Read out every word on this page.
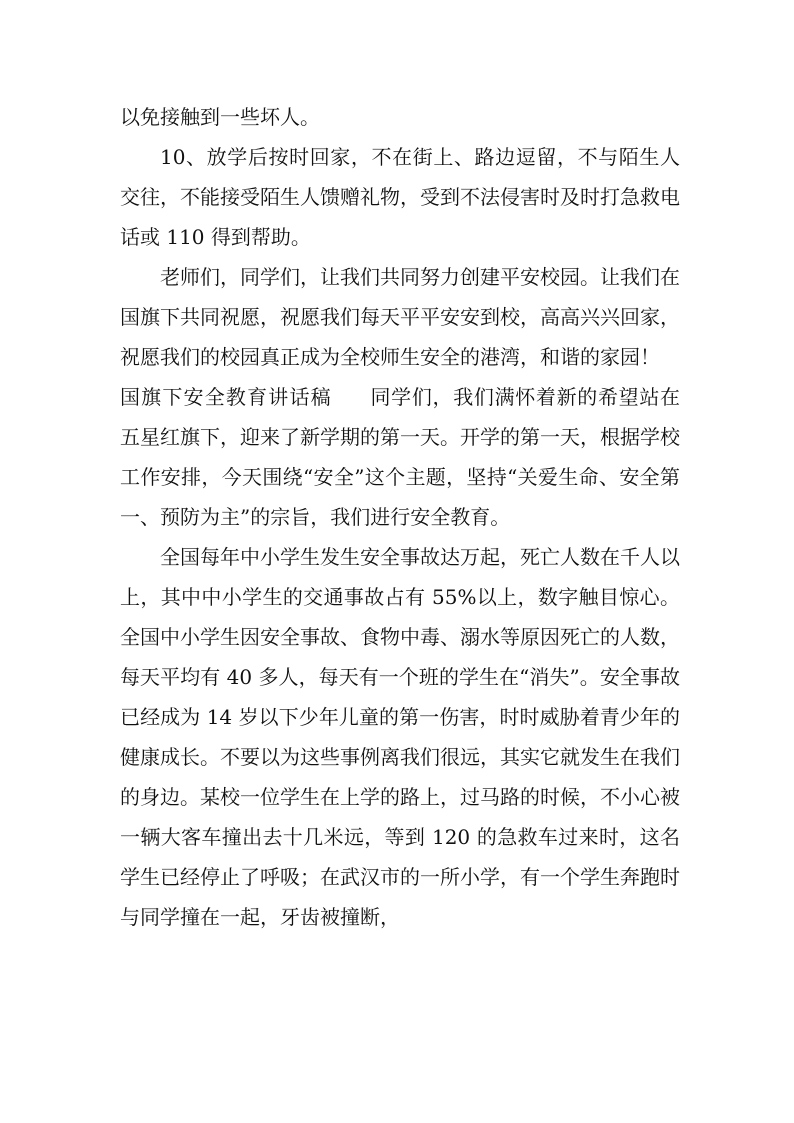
以免接触到一些坏人。

10、放学后按时回家，不在街上、路边逗留，不与陌生人交往，不能接受陌生人馈赠礼物，受到不法侵害时及时打急救电话或 110 得到帮助。

老师们，同学们，让我们共同努力创建平安校园。让我们在国旗下共同祝愿，祝愿我们每天平平安安到校，高高兴兴回家，祝愿我们的校园真正成为全校师生安全的港湾，和谐的家园！

国旗下安全教育讲话稿 同学们，我们满怀着新的希望站在五星红旗下，迎来了新学期的第一天。开学的第一天，根据学校工作安排，今天围绕“安全”这个主题，坚持“关爱生命、安全第一、预防为主”的宗旨，我们进行安全教育。

全国每年中小学生发生安全事故达万起，死亡人数在千人以上，其中中小学生的交通事故占有 55%以上，数字触目惊心。全国中小学生因安全事故、食物中毒、溺水等原因死亡的人数，每天平均有 40 多人，每天有一个班的学生在“消失”。安全事故已经成为 14 岁以下少年儿童的第一伤害，时时威胁着青少年的健康成长。不要以为这些事例离我们很远，其实它就发生在我们的身边。某校一位学生在上学的路上，过马路的时候，不小心被一辆大客车撞出去十几米远，等到 120 的急救车过来时，这名学生已经停止了呼吸；在武汉市的一所小学，有一个学生奔跑时与同学撞在一起，牙齿被撞断，
